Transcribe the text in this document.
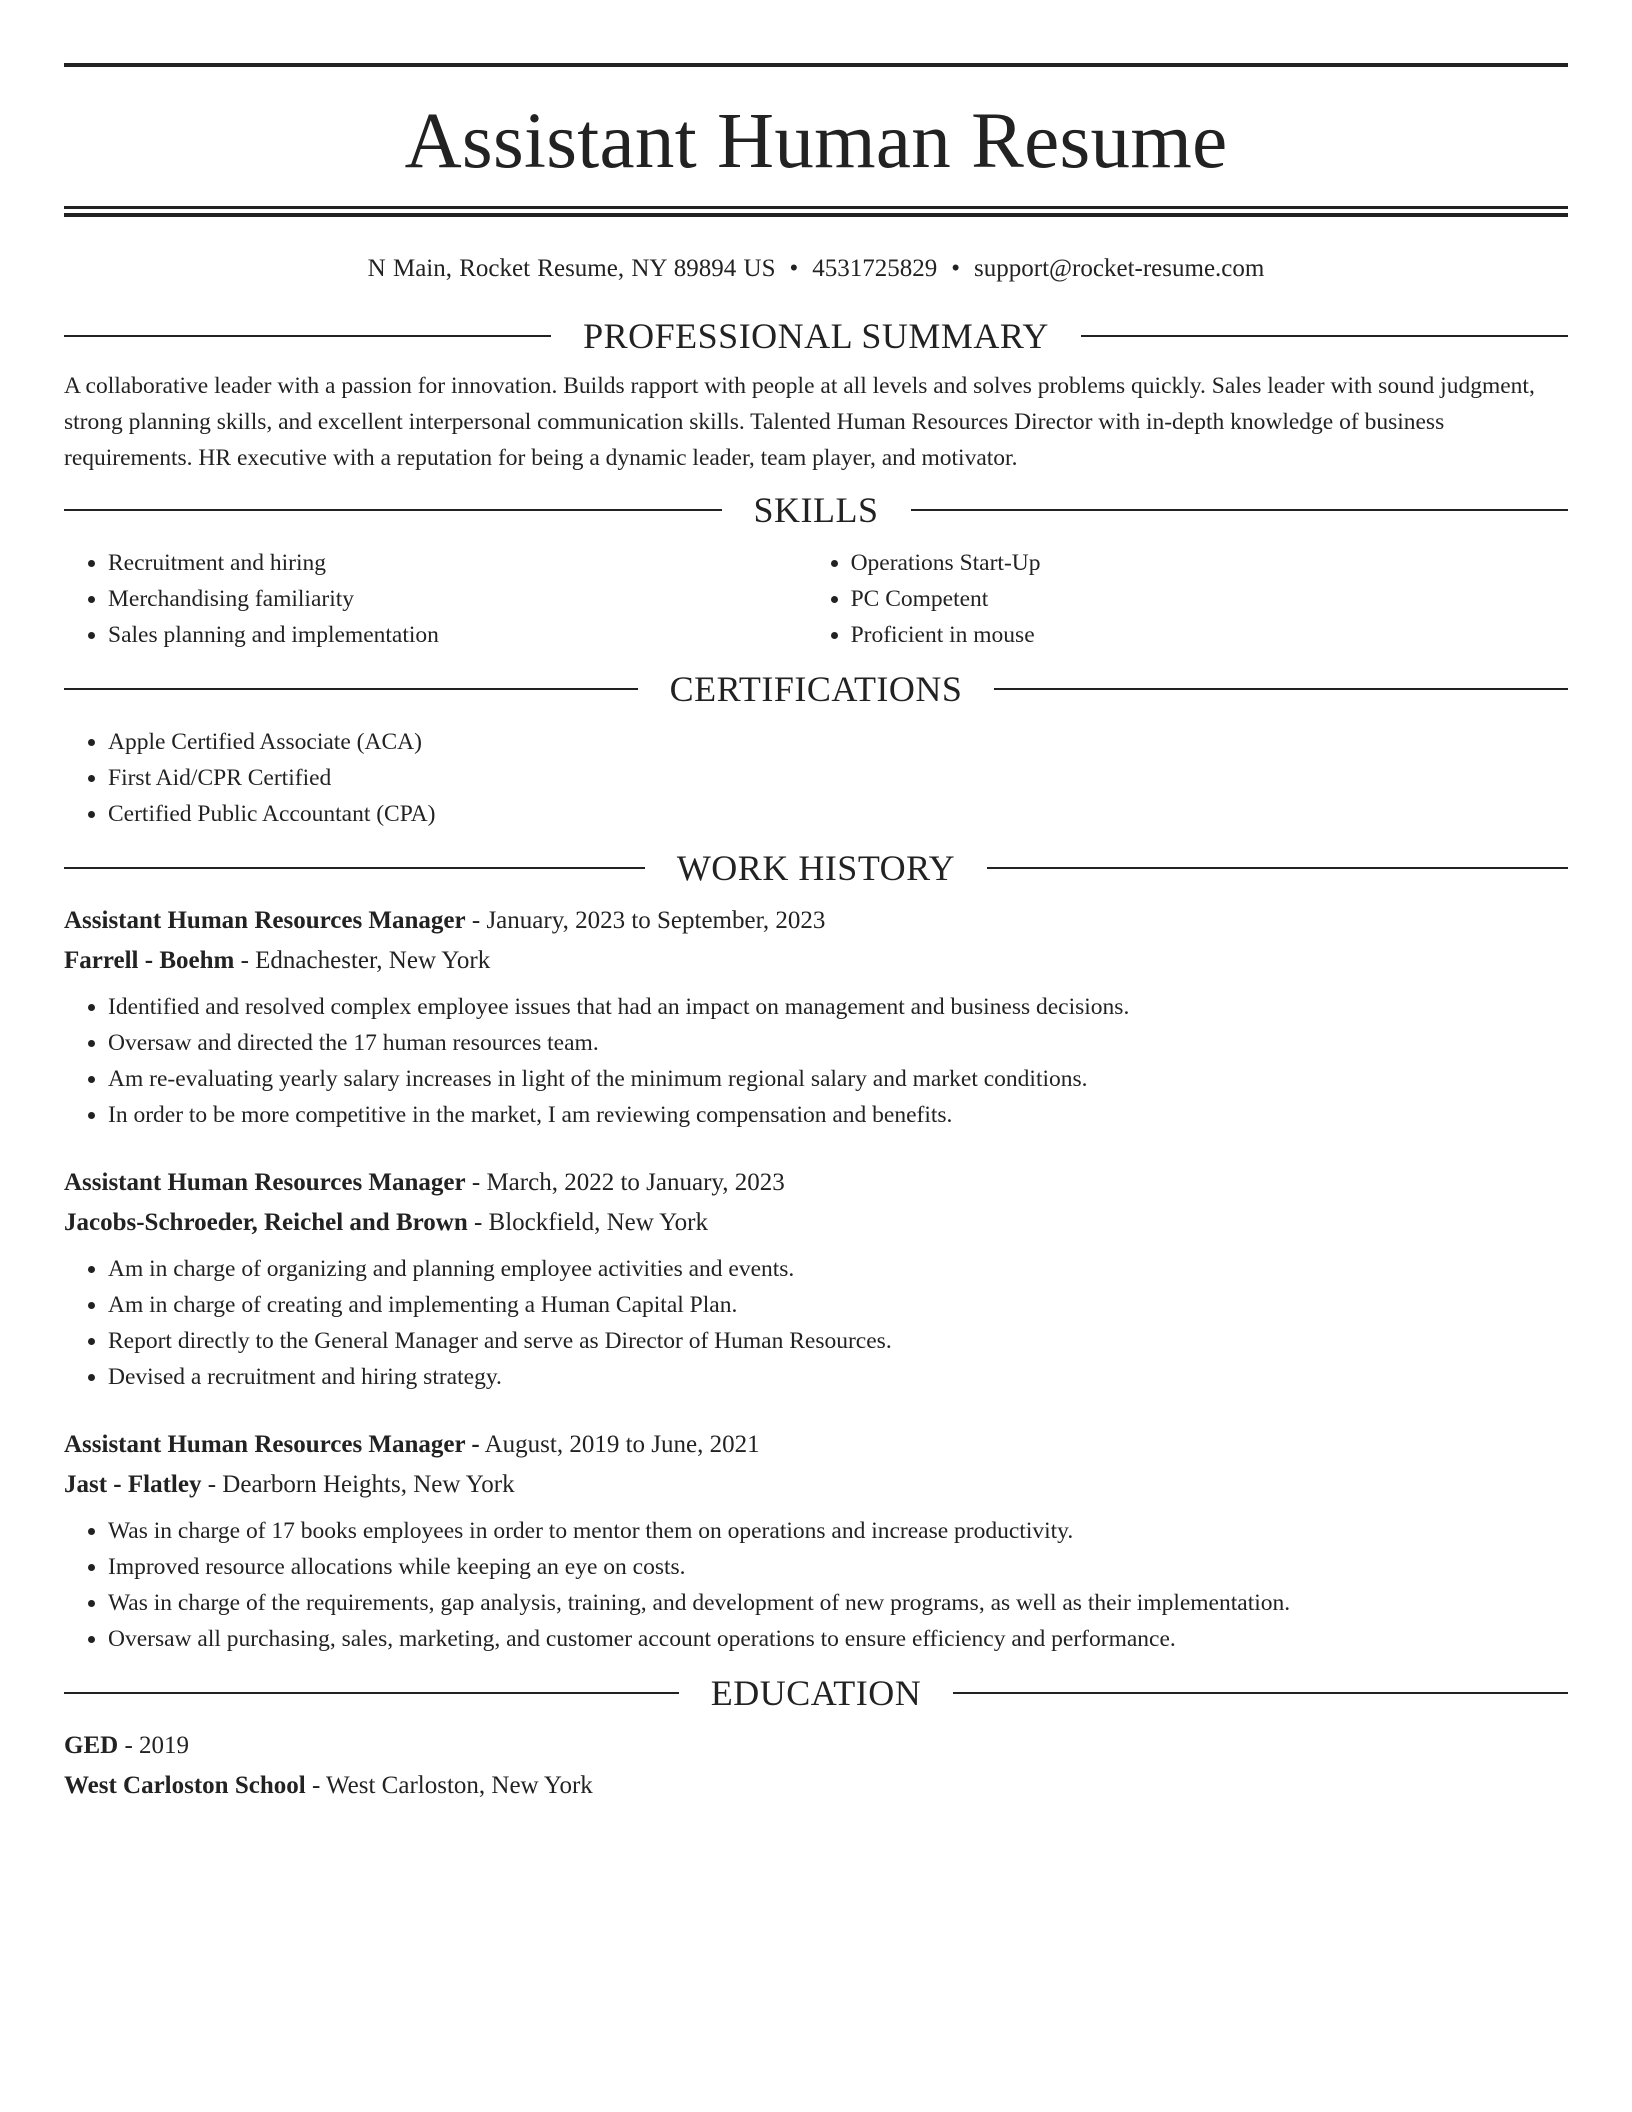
Assistant Human Resume
N Main, Rocket Resume, NY 89894 US • 4531725829 • support@rocket-resume.com
PROFESSIONAL SUMMARY

A collaborative leader with a passion for innovation. Builds rapport with people at all levels and solves problems quickly. Sales leader with sound judgment, strong planning skills, and excellent interpersonal communication skills. Talented Human Resources Director with in-depth knowledge of business requirements. HR executive with a reputation for being a dynamic leader, team player, and motivator.

SKILLS
• Recruitment and hiring
• Merchandising familiarity
• Sales planning and implementation
• Operations Start-Up
• PC Competent
• Proficient in mouse
CERTIFICATIONS
• Apple Certified Associate (ACA)
• First Aid/CPR Certified
• Certified Public Accountant (CPA)
WORK HISTORY
Assistant Human Resources Manager - January, 2023 to September, 2023
Farrell - Boehm - Ednachester, New York
• Identified and resolved complex employee issues that had an impact on management and business decisions.
• Oversaw and directed the 17 human resources team.
• Am re-evaluating yearly salary increases in light of the minimum regional salary and market conditions.
• In order to be more competitive in the market, I am reviewing compensation and benefits.
Assistant Human Resources Manager - March, 2022 to January, 2023
Jacobs-Schroeder, Reichel and Brown - Blockfield, New York
• Am in charge of organizing and planning employee activities and events.
• Am in charge of creating and implementing a Human Capital Plan.
• Report directly to the General Manager and serve as Director of Human Resources.
• Devised a recruitment and hiring strategy.
Assistant Human Resources Manager - August, 2019 to June, 2021
Jast - Flatley - Dearborn Heights, New York
• Was in charge of 17 books employees in order to mentor them on operations and increase productivity.
• Improved resource allocations while keeping an eye on costs.
• Was in charge of the requirements, gap analysis, training, and development of new programs, as well as their implementation.
• Oversaw all purchasing, sales, marketing, and customer account operations to ensure efficiency and performance.
EDUCATION
GED - 2019
West Carloston School - West Carloston, New York
